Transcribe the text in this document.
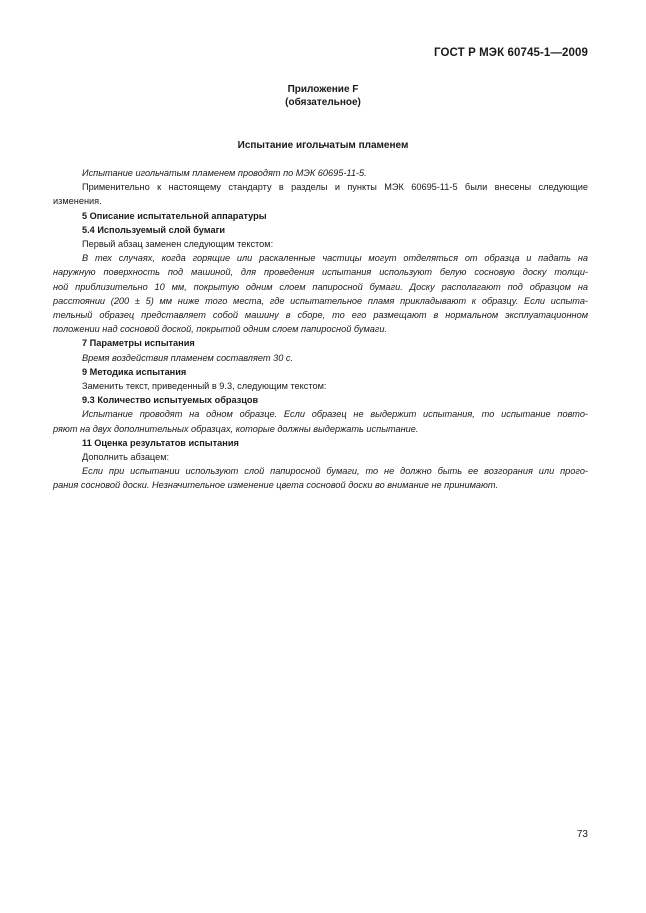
ГОСТ Р МЭК 60745-1—2009
Приложение F
(обязательное)
Испытание игольчатым пламенем

Испытание игольчатым пламенем проводят по МЭК 60695-11-5.

Применительно к настоящему стандарту в разделы и пункты МЭК 60695-11-5 были внесены следующие
изменения.

5 Описание испытательной аппаратуры

5.4 Используемый слой бумаги

Первый абзац заменен следующим текстом:

В тех случаях, когда горящие или раскаленные частицы могут отделяться от образца и падать на
наружную поверхность под машиной, для проведения испытания используют белую сосновую доску толщи-
ной приблизительно 10 мм, покрытую одним слоем папиросной бумаги. Доску располагают под образцом на
расстоянии (200 ± 5) мм ниже того места, где испытательное пламя прикладывают к образцу. Если испыта-
тельный образец представляет собой машину в сборе, то его размещают в нормальном эксплуатационном
положении над сосновой доской, покрытой одним слоем папиросной бумаги.

7 Параметры испытания

Время воздействия пламенем составляет 30 с.

9 Методика испытания

Заменить текст, приведенный в 9.3, следующим текстом:

9.3 Количество испытуемых образцов

Испытание проводят на одном образце. Если образец не выдержит испытания, то испытание повто-
ряют на двух дополнительных образцах, которые должны выдержать испытание.

11 Оценка результатов испытания

Дополнить абзацем:

Если при испытании используют слой папиросной бумаги, то не должно быть ее возгорания или прого-
рания сосновой доски. Незначительное изменение цвета сосновой доски во внимание не принимают.

73
